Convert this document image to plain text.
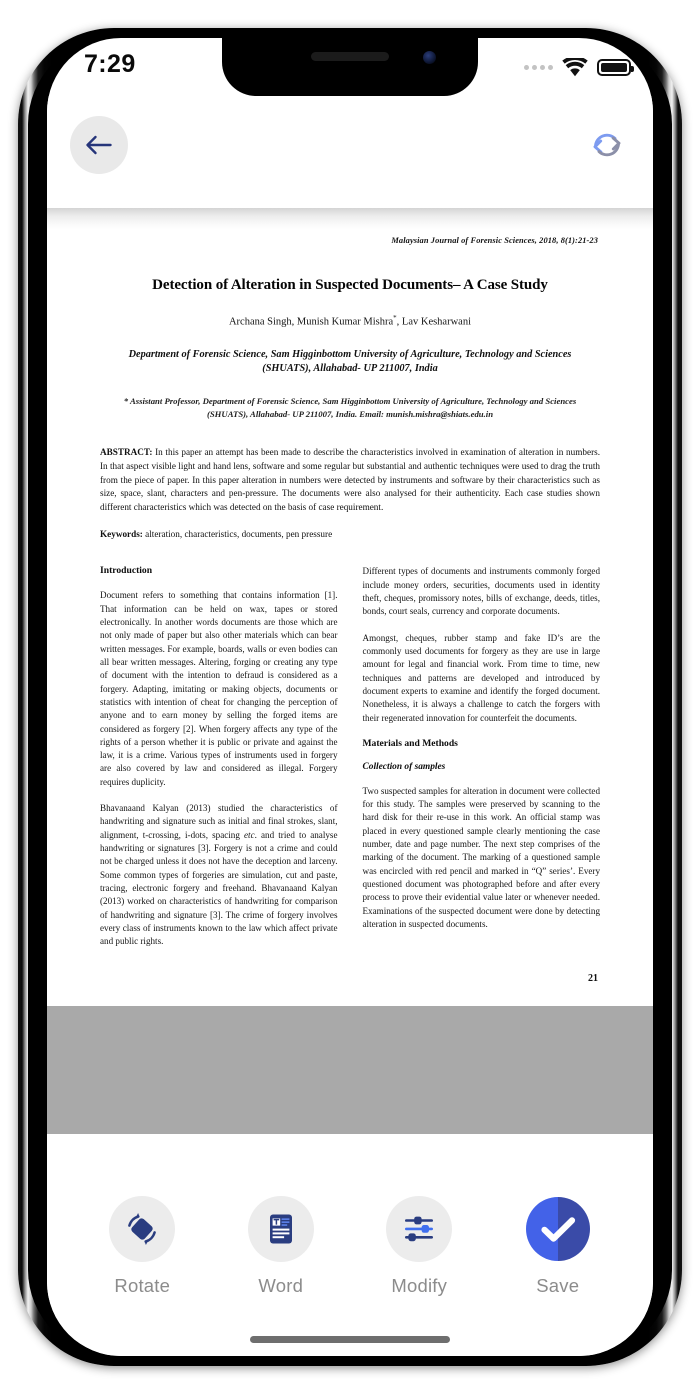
7:29
Malaysian Journal of Forensic Sciences, 2018, 8(1):21-23
Detection of Alteration in Suspected Documents– A Case Study
Archana Singh, Munish Kumar Mishra*, Lav Kesharwani
Department of Forensic Science, Sam Higginbottom University of Agriculture, Technology and Sciences (SHUATS), Allahabad- UP 211007, India
* Assistant Professor, Department of Forensic Science, Sam Higginbottom University of Agriculture, Technology and Sciences (SHUATS), Allahabad- UP 211007, India. Email: munish.mishra@shiats.edu.in

ABSTRACT: In this paper an attempt has been made to describe the characteristics involved in examination of alteration in numbers. In that aspect visible light and hand lens, software and some regular but substantial and authentic techniques were used to drag the truth from the piece of paper. In this paper alteration in numbers were detected by instruments and software by their characteristics such as size, space, slant, characters and pen-pressure. The documents were also analysed for their authenticity. Each case studies shown different characteristics which was detected on the basis of case requirement.

Keywords: alteration, characteristics, documents, pen pressure

Introduction

Document refers to something that contains information [1]. That information can be held on wax, tapes or stored electronically. In another words documents are those which are not only made of paper but also other materials which can bear written messages. For example, boards, walls or even bodies can all bear written messages. Altering, forging or creating any type of document with the intention to defraud is considered as a forgery. Adapting, imitating or making objects, documents or statistics with intention of cheat for changing the perception of anyone and to earn money by selling the forged items are considered as forgery [2]. When forgery affects any type of the rights of a person whether it is public or private and against the law, it is a crime. Various types of instruments used in forgery are also covered by law and considered as illegal. Forgery requires duplicity.

Bhavanaand Kalyan (2013) studied the characteristics of handwriting and signature such as initial and final strokes, slant, alignment, t-crossing, i-dots, spacing etc. and tried to analyse handwriting or signatures [3]. Forgery is not a crime and could not be charged unless it does not have the deception and larceny. Some common types of forgeries are simulation, cut and paste, tracing, electronic forgery and freehand. Bhavanaand Kalyan (2013) worked on characteristics of handwriting for comparison of handwriting and signature [3]. The crime of forgery involves every class of instruments known to the law which affect private and public rights.

Different types of documents and instruments commonly forged include money orders, securities, documents used in identity theft, cheques, promissory notes, bills of exchange, deeds, titles, bonds, court seals, currency and corporate documents.

Amongst, cheques, rubber stamp and fake ID’s are the commonly used documents for forgery as they are use in large amount for legal and financial work. From time to time, new techniques and patterns are developed and introduced by document experts to examine and identify the forged document. Nonetheless, it is always a challenge to catch the forgers with their regenerated innovation for counterfeit the documents.

Materials and Methods
Collection of samples

Two suspected samples for alteration in document were collected for this study. The samples were preserved by scanning to the hard disk for their re-use in this work. An official stamp was placed in every questioned sample clearly mentioning the case number, date and page number. The next step comprises of the marking of the document. The marking of a questioned sample was encircled with red pencil and marked in “Q” series’. Every questioned document was photographed before and after every process to prove their evidential value later or whenever needed. Examinations of the suspected document were done by detecting alteration in suspected documents.

21
Rotate	Word	Modify	Save
